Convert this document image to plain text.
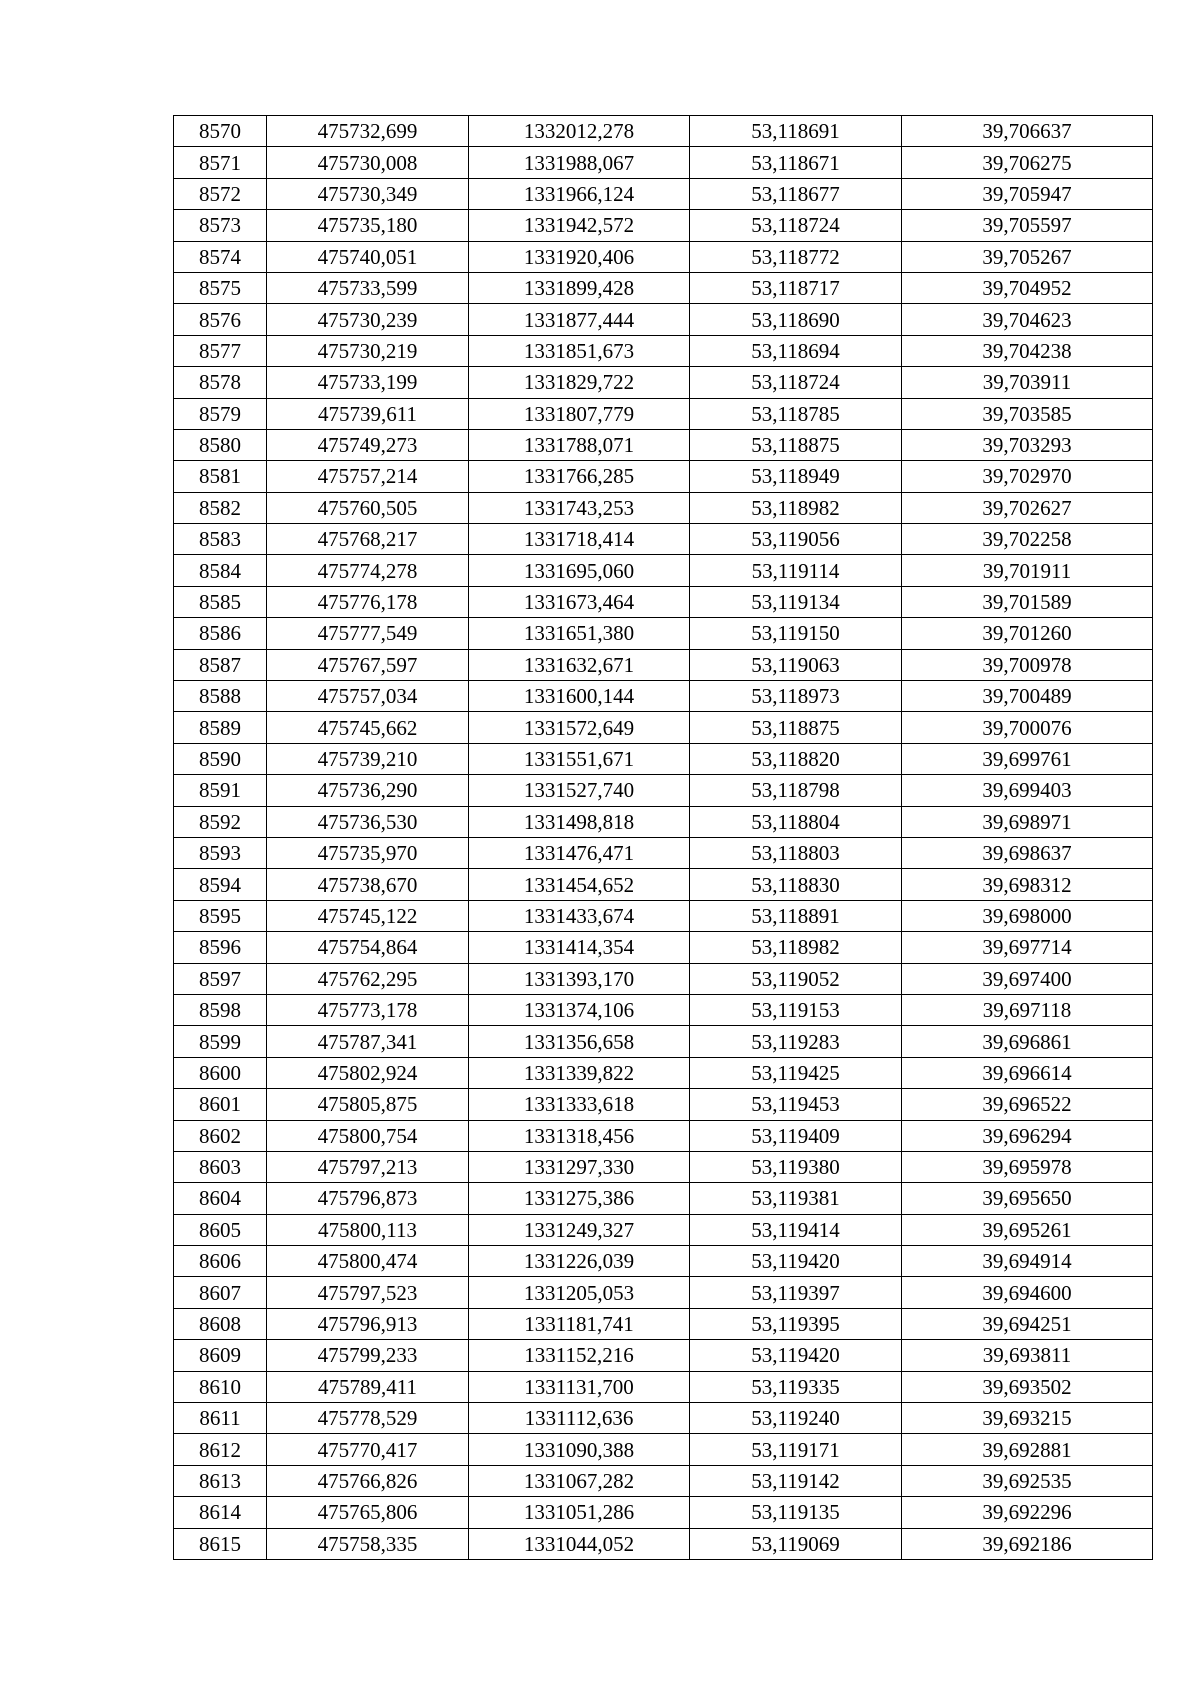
8570	475732,699	1332012,278	53,118691	39,706637
8571	475730,008	1331988,067	53,118671	39,706275
8572	475730,349	1331966,124	53,118677	39,705947
8573	475735,180	1331942,572	53,118724	39,705597
8574	475740,051	1331920,406	53,118772	39,705267
8575	475733,599	1331899,428	53,118717	39,704952
8576	475730,239	1331877,444	53,118690	39,704623
8577	475730,219	1331851,673	53,118694	39,704238
8578	475733,199	1331829,722	53,118724	39,703911
8579	475739,611	1331807,779	53,118785	39,703585
8580	475749,273	1331788,071	53,118875	39,703293
8581	475757,214	1331766,285	53,118949	39,702970
8582	475760,505	1331743,253	53,118982	39,702627
8583	475768,217	1331718,414	53,119056	39,702258
8584	475774,278	1331695,060	53,119114	39,701911
8585	475776,178	1331673,464	53,119134	39,701589
8586	475777,549	1331651,380	53,119150	39,701260
8587	475767,597	1331632,671	53,119063	39,700978
8588	475757,034	1331600,144	53,118973	39,700489
8589	475745,662	1331572,649	53,118875	39,700076
8590	475739,210	1331551,671	53,118820	39,699761
8591	475736,290	1331527,740	53,118798	39,699403
8592	475736,530	1331498,818	53,118804	39,698971
8593	475735,970	1331476,471	53,118803	39,698637
8594	475738,670	1331454,652	53,118830	39,698312
8595	475745,122	1331433,674	53,118891	39,698000
8596	475754,864	1331414,354	53,118982	39,697714
8597	475762,295	1331393,170	53,119052	39,697400
8598	475773,178	1331374,106	53,119153	39,697118
8599	475787,341	1331356,658	53,119283	39,696861
8600	475802,924	1331339,822	53,119425	39,696614
8601	475805,875	1331333,618	53,119453	39,696522
8602	475800,754	1331318,456	53,119409	39,696294
8603	475797,213	1331297,330	53,119380	39,695978
8604	475796,873	1331275,386	53,119381	39,695650
8605	475800,113	1331249,327	53,119414	39,695261
8606	475800,474	1331226,039	53,119420	39,694914
8607	475797,523	1331205,053	53,119397	39,694600
8608	475796,913	1331181,741	53,119395	39,694251
8609	475799,233	1331152,216	53,119420	39,693811
8610	475789,411	1331131,700	53,119335	39,693502
8611	475778,529	1331112,636	53,119240	39,693215
8612	475770,417	1331090,388	53,119171	39,692881
8613	475766,826	1331067,282	53,119142	39,692535
8614	475765,806	1331051,286	53,119135	39,692296
8615	475758,335	1331044,052	53,119069	39,692186
